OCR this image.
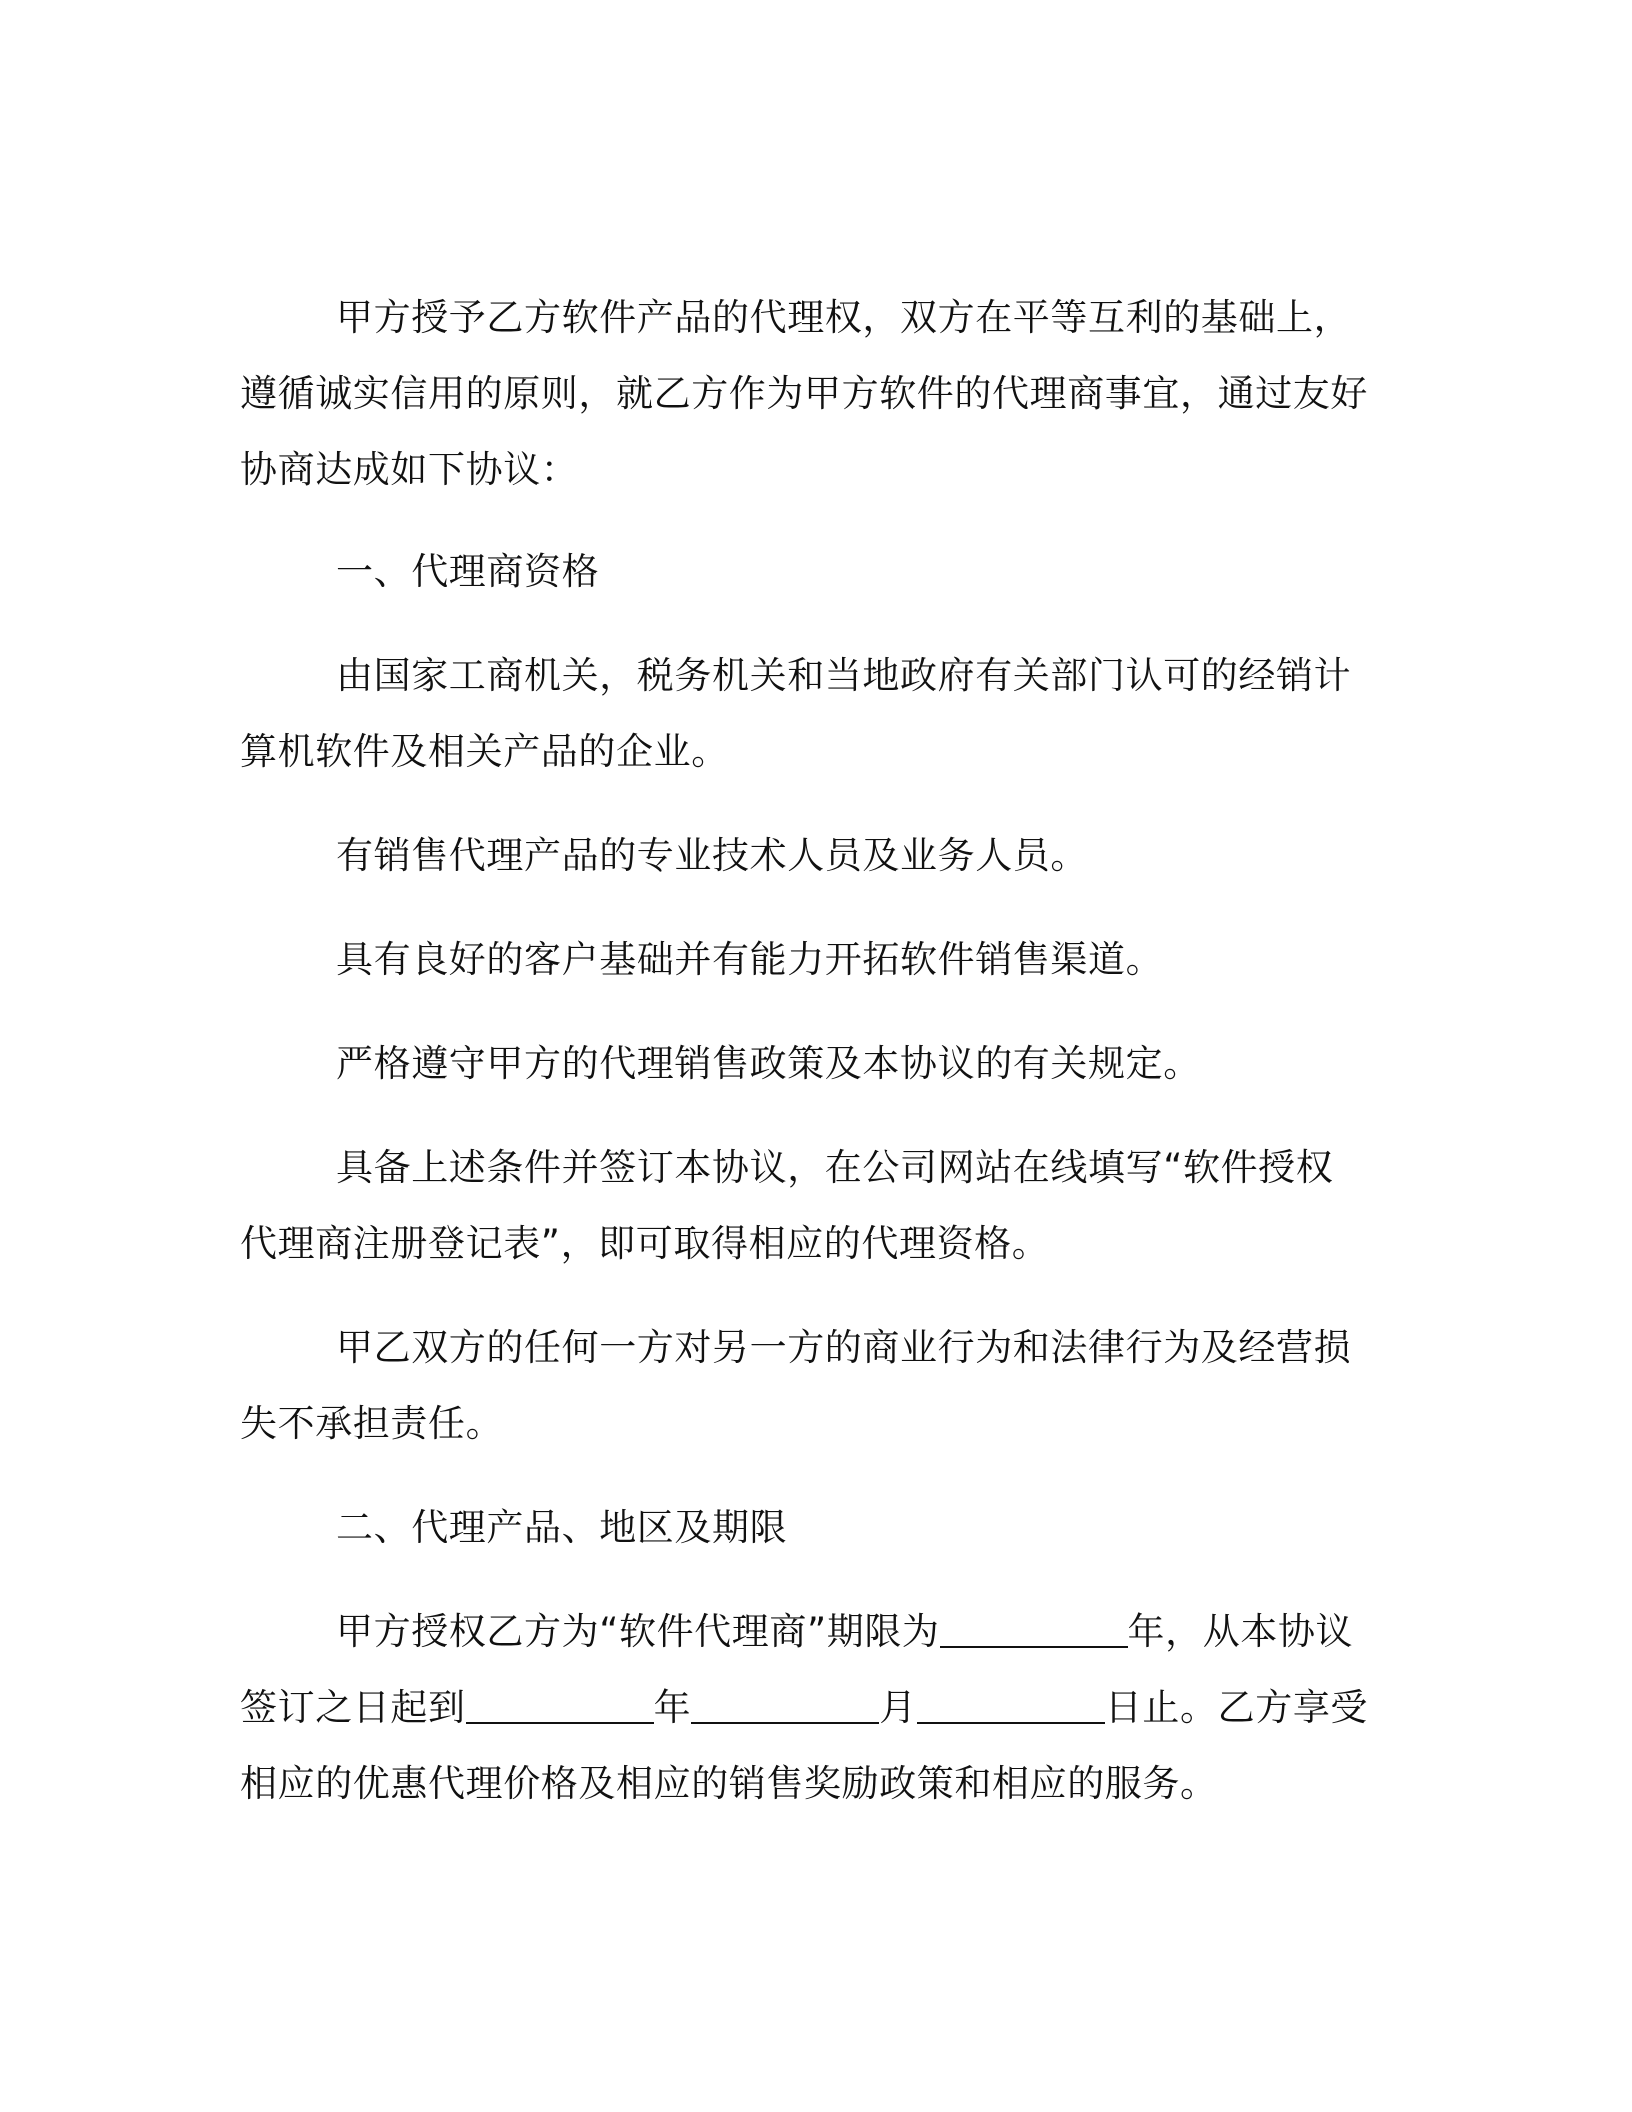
甲方授予乙方软件产品的代理权，双方在平等互利的基础上，遵循诚实信用的原则，就乙方作为甲方软件的代理商事宜，通过友好协商达成如下协议：

一、代理商资格

由国家工商机关，税务机关和当地政府有关部门认可的经销计算机软件及相关产品的企业。

有销售代理产品的专业技术人员及业务人员。

具有良好的客户基础并有能力开拓软件销售渠道。

严格遵守甲方的代理销售政策及本协议的有关规定。

具备上述条件并签订本协议，在公司网站在线填写“软件授权代理商注册登记表”，即可取得相应的代理资格。

甲乙双方的任何一方对另一方的商业行为和法律行为及经营损失不承担责任。

二、代理产品、地区及期限

甲方授权乙方为“软件代理商”期限为	年，从本协议签订之日起到	年	月	日止。乙方享受相应的优惠代理价格及相应的销售奖励政策和相应的服务。
